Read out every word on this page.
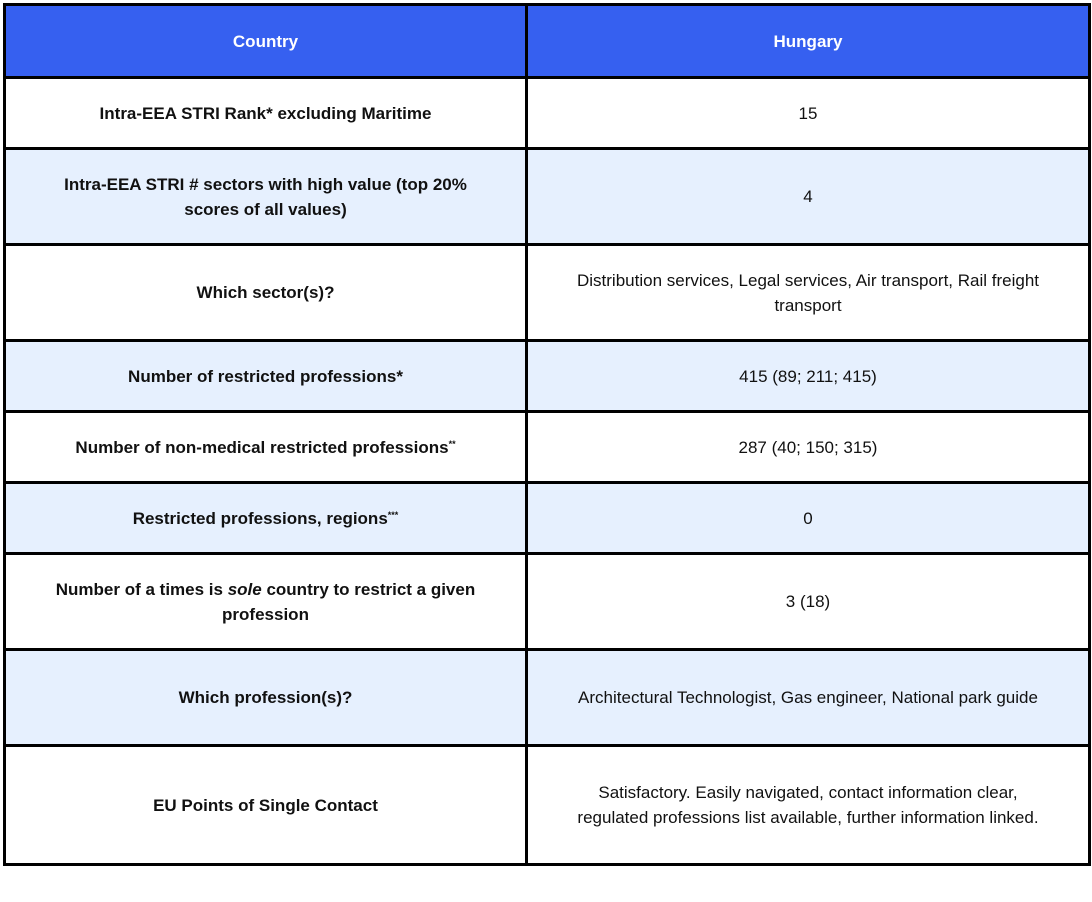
Country	Hungary
Intra-EEA STRI Rank* excluding Maritime	15
Intra-EEA STRI # sectors with high value (top 20% scores of all values)	4
Which sector(s)?	Distribution services, Legal services, Air transport, Rail freight transport
Number of restricted professions*	415 (89; 211; 415)
Number of non-medical restricted professions**	287 (40; 150; 315)
Restricted professions, regions***	0
Number of a times is sole country to restrict a given profession	3 (18)
Which profession(s)?	Architectural Technologist, Gas engineer, National park guide
EU Points of Single Contact	Satisfactory. Easily navigated, contact information clear, regulated professions list available, further information linked.
